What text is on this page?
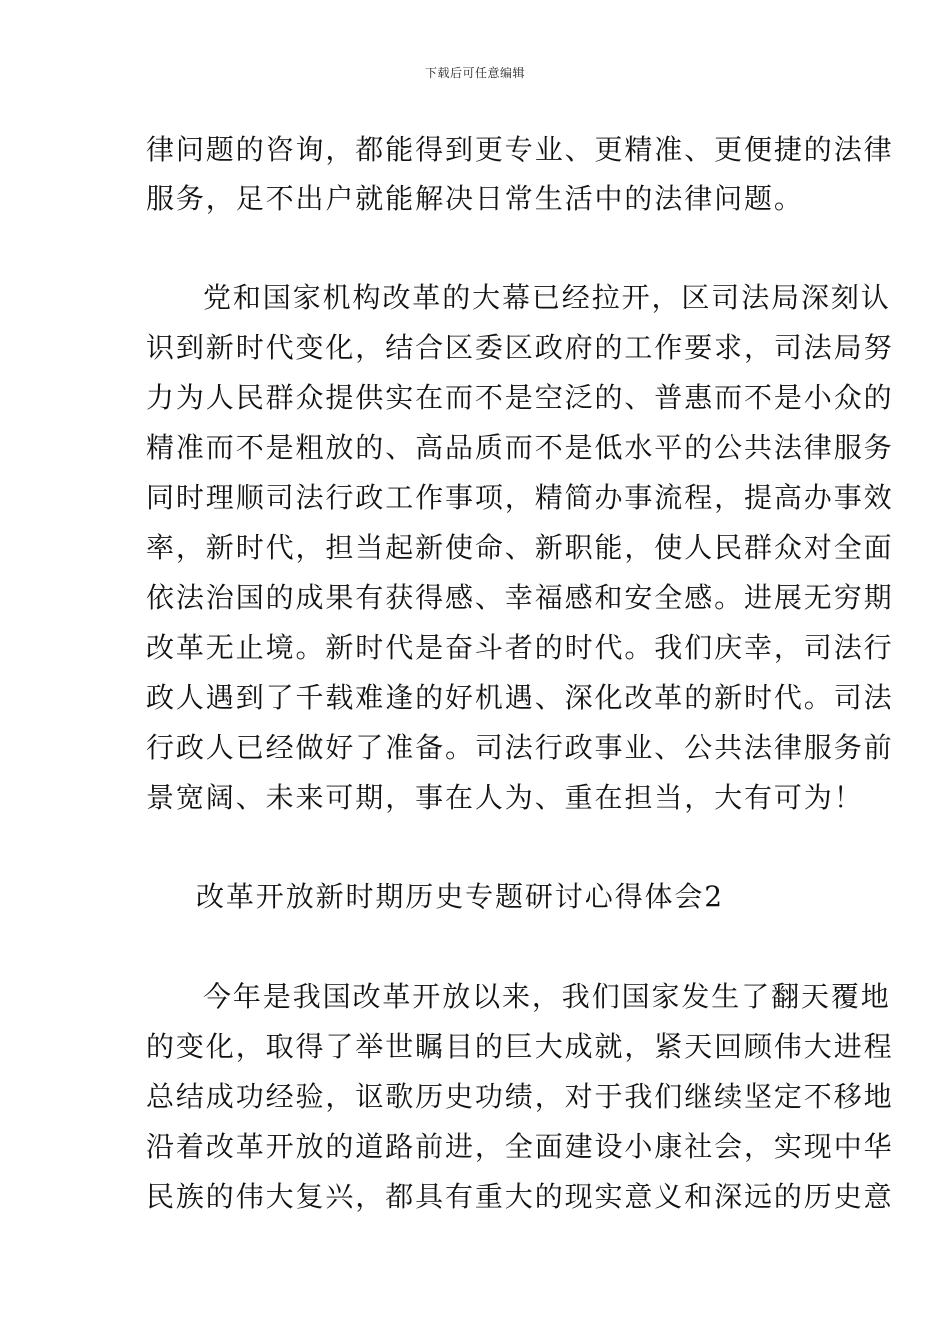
下载后可任意编辑
律问题的咨询，都能得到更专业、更精准、更便捷的法律
服务，足不出户就能解决日常生活中的法律问题。
党和国家机构改革的大幕已经拉开，区司法局深刻认
识到新时代变化，结合区委区政府的工作要求，司法局努
力为人民群众提供实在而不是空泛的、普惠而不是小众的
精准而不是粗放的、高品质而不是低水平的公共法律服务
同时理顺司法行政工作事项，精简办事流程，提高办事效
率，新时代，担当起新使命、新职能，使人民群众对全面
依法治国的成果有获得感、幸福感和安全感。进展无穷期
改革无止境。新时代是奋斗者的时代。我们庆幸，司法行
政人遇到了千载难逢的好机遇、深化改革的新时代。司法
行政人已经做好了准备。司法行政事业、公共法律服务前
景宽阔、未来可期，事在人为、重在担当，大有可为！
改革开放新时期历史专题研讨心得体会2
今年是我国改革开放以来，我们国家发生了翻天覆地
的变化，取得了举世瞩目的巨大成就，紧天回顾伟大进程
总结成功经验，讴歌历史功绩，对于我们继续坚定不移地
沿着改革开放的道路前进，全面建设小康社会，实现中华
民族的伟大复兴，都具有重大的现实意义和深远的历史意
